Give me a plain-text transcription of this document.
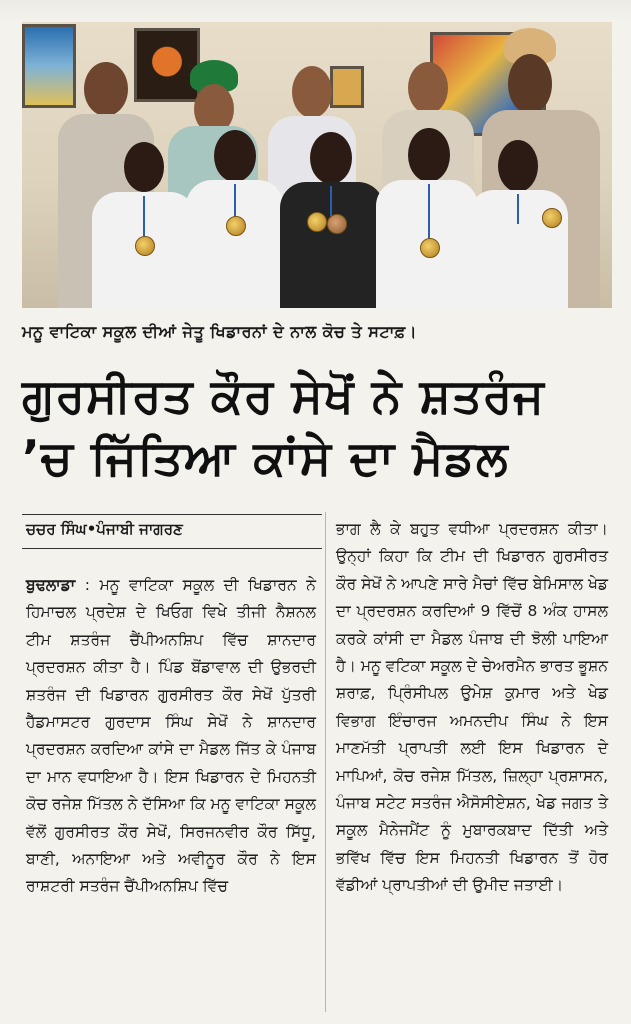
ਮਨੂ ਵਾਟਿਕਾ ਸਕੂਲ ਦੀਆਂ ਜੇਤੂ ਖਿਡਾਰਨਾਂ ਦੇ ਨਾਲ ਕੋਚ ਤੇ ਸਟਾਫ਼।
ਗੁਰਸੀਰਤ ਕੌਰ ਸੇਖੋਂ ਨੇ ਸ਼ਤਰੰਜ
’ਚ ਜਿੱਤਿਆ ਕਾਂਸੇ ਦਾ ਮੈਡਲ
ਚਚਰ ਸਿੰਘ•ਪੰਜਾਬੀ ਜਾਗਰਣ
ਬੁਢਲਾਡਾ : ਮਨੂ ਵਾਟਿਕਾ ਸਕੂਲ ਦੀ ਖਿਡਾਰਨ ਨੇ ਹਿਮਾਚਲ ਪ੍ਰਦੇਸ਼ ਦੇ ਖਿਓਗ ਵਿਖੇ ਤੀਜੀ ਨੈਸ਼ਨਲ ਟੀਮ ਸ਼ਤਰੰਜ ਚੈਂਪੀਅਨਸ਼ਿਪ ਵਿੱਚ ਸ਼ਾਨਦਾਰ ਪ੍ਰਦਰਸ਼ਨ ਕੀਤਾ ਹੈ। ਪਿੰਡ ਬੋਂਡਾਵਾਲ ਦੀ ਉਭਰਦੀ ਸ਼ਤਰੰਜ ਦੀ ਖਿਡਾਰਨ ਗੁਰਸੀਰਤ ਕੌਰ ਸੇਖੋਂ ਪੁੱਤਰੀ ਹੈੱਡਮਾਸਟਰ ਗੁਰਦਾਸ ਸਿੰਘ ਸੇਖੋਂ ਨੇ ਸ਼ਾਨਦਾਰ ਪ੍ਰਦਰਸ਼ਨ ਕਰਦਿਆ ਕਾਂਸੇ ਦਾ ਮੈਡਲ ਜਿੱਤ ਕੇ ਪੰਜਾਬ ਦਾ ਮਾਨ ਵਧਾਇਆ ਹੈ। ਇਸ ਖਿਡਾਰਨ ਦੇ ਮਿਹਨਤੀ ਕੋਚ ਰਜੇਸ਼ ਮਿੱਤਲ ਨੇ ਦੱਸਿਆ ਕਿ ਮਨੂ ਵਾਟਿਕਾ ਸਕੂਲ ਵੱਲੋਂ ਗੁਰਸੀਰਤ ਕੌਰ ਸੇਖੋਂ, ਸਿਰਜਨਵੀਰ ਕੌਰ ਸਿੱਧੂ, ਬਾਣੀ, ਅਨਾਇਆ ਅਤੇ ਅਵੀਨੂਰ ਕੌਰ ਨੇ ਇਸ ਰਾਸ਼ਟਰੀ ਸਤਰੰਜ ਚੈਂਪੀਅਨਸ਼ਿਪ ਵਿੱਚ
ਭਾਗ ਲੈ ਕੇ ਬਹੁਤ ਵਧੀਆ ਪ੍ਰਦਰਸ਼ਨ ਕੀਤਾ। ਉਨ੍ਹਾਂ ਕਿਹਾ ਕਿ ਟੀਮ ਦੀ ਖਿਡਾਰਨ ਗੁਰਸੀਰਤ ਕੌਰ ਸੇਖੋਂ ਨੇ ਆਪਣੇ ਸਾਰੇ ਮੈਚਾਂ ਵਿੱਚ ਬੇਮਿਸਾਲ ਖੇਡ ਦਾ ਪ੍ਰਦਰਸ਼ਨ ਕਰਦਿਆਂ 9 ਵਿੱਚੋਂ 8 ਅੰਕ ਹਾਸਲ ਕਰਕੇ ਕਾਂਸੀ ਦਾ ਮੈਡਲ ਪੰਜਾਬ ਦੀ ਝੋਲੀ ਪਾਇਆ ਹੈ। ਮਨੂ ਵਟਿਕਾ ਸਕੂਲ ਦੇ ਚੇਅਰਮੈਨ ਭਾਰਤ ਭੂਸ਼ਨ ਸ਼ਰਾਫ਼, ਪ੍ਰਿੰਸੀਪਲ ਉਮੇਸ਼ ਕੁਮਾਰ ਅਤੇ ਖੇਡ ਵਿਭਾਗ ਇੰਚਾਰਜ ਅਮਨਦੀਪ ਸਿੰਘ ਨੇ ਇਸ ਮਾਣਮੱਤੀ ਪ੍ਰਾਪਤੀ ਲਈ ਇਸ ਖਿਡਾਰਨ ਦੇ ਮਾਪਿਆਂ, ਕੋਚ ਰਜੇਸ਼ ਮਿੱਤਲ, ਜ਼ਿਲ੍ਹਾ ਪ੍ਰਸ਼ਾਸਨ, ਪੰਜਾਬ ਸਟੇਟ ਸਤਰੰਜ ਐਸੋਸੀਏਸ਼ਨ, ਖੇਡ ਜਗਤ ਤੇ ਸਕੂਲ ਮੈਨੇਜਮੈਂਟ ਨੂੰ ਮੁਬਾਰਕਬਾਦ ਦਿੱਤੀ ਅਤੇ ਭਵਿੱਖ ਵਿੱਚ ਇਸ ਮਿਹਨਤੀ ਖਿਡਾਰਨ ਤੋਂ ਹੋਰ ਵੱਡੀਆਂ ਪ੍ਰਾਪਤੀਆਂ ਦੀ ਉਮੀਦ ਜਤਾਈ।
